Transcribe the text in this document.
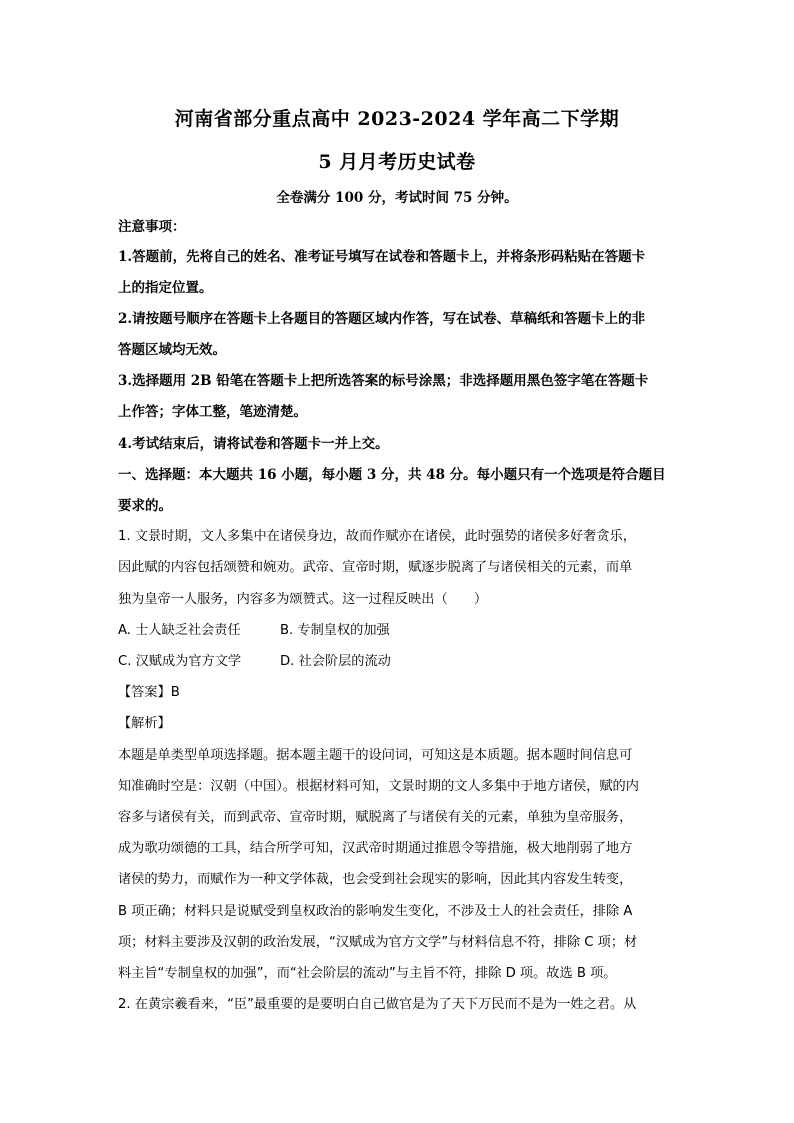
河南省部分重点高中 2023-2024 学年高二下学期
5 月月考历史试卷
全卷满分 100 分，考试时间 75 分钟。
注意事项：
1.答题前，先将自己的姓名、准考证号填写在试卷和答题卡上，并将条形码粘贴在答题卡
上的指定位置。
2.请按题号顺序在答题卡上各题目的答题区域内作答，写在试卷、草稿纸和答题卡上的非
答题区域均无效。
3.选择题用 2B 铅笔在答题卡上把所选答案的标号涂黑；非选择题用黑色签字笔在答题卡
上作答；字体工整，笔迹清楚。
4.考试结束后，请将试卷和答题卡一并上交。
一、选择题：本大题共 16 小题，每小题 3 分，共 48 分。每小题只有一个选项是符合题目
要求的。
1. 文景时期，文人多集中在诸侯身边，故而作赋亦在诸侯，此时强势的诸侯多好奢贪乐，
因此赋的内容包括颂赞和婉劝。武帝、宣帝时期，赋逐步脱离了与诸侯相关的元素，而单
独为皇帝一人服务，内容多为颂赞式。这一过程反映出（　　）
A. 士人缺乏社会责任	B. 专制皇权的加强
C. 汉赋成为官方文学	D. 社会阶层的流动
【答案】B
【解析】
本题是单类型单项选择题。据本题主题干的设问词，可知这是本质题。据本题时间信息可
知准确时空是：汉朝（中国）。根据材料可知，文景时期的文人多集中于地方诸侯，赋的内
容多与诸侯有关，而到武帝、宣帝时期，赋脱离了与诸侯有关的元素，单独为皇帝服务，
成为歌功颂德的工具，结合所学可知，汉武帝时期通过推恩令等措施，极大地削弱了地方
诸侯的势力，而赋作为一种文学体裁，也会受到社会现实的影响，因此其内容发生转变，
B 项正确；材料只是说赋受到皇权政治的影响发生变化，不涉及士人的社会责任，排除 A
项；材料主要涉及汉朝的政治发展，“汉赋成为官方文学”与材料信息不符，排除 C 项；材
料主旨“专制皇权的加强”，而“社会阶层的流动”与主旨不符，排除 D 项。故选 B 项。
2. 在黄宗羲看来，“臣”最重要的是要明白自己做官是为了天下万民而不是为一姓之君。从
